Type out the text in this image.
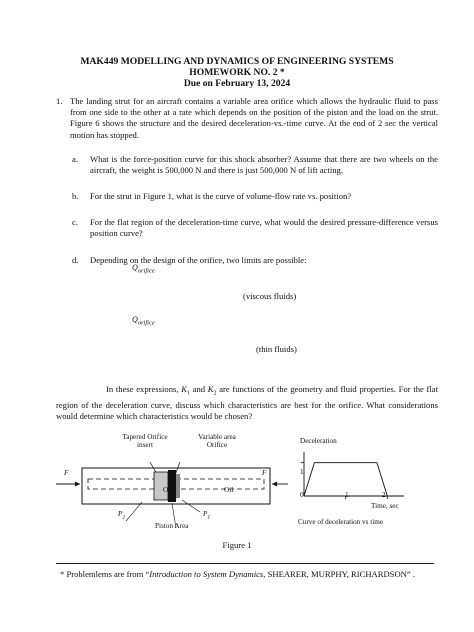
MAK449 MODELLING AND DYNAMICS OF ENGINEERING SYSTEMS
HOMEWORK NO. 2 *
Due on February 13, 2024
1. The landing strut for an aircraft contains a variable area orifice which allows the hydraulic fluid to pass from one side to the other at a rate which depends on the position of the piston and the load on the strut. Figure 6 shows the structure and the desired deceleration-vs.-time curve. At the end of 2 sec the vertical motion has stopped.
a. What is the force-position curve for this shock absorber? Assume that there are two wheels on the aircraft, the weight is 500,000 N and there is just 500,000 N of lift acting.
b. For the strut in Figure 1, what is the curve of volume-flow rate vs. position?
c. For the flat region of the deceleration-time curve, what would the desired pressure-difference versus position curve?
d. Depending on the design of the orifice, two limits are possible:
$Q_{orifice}$
(viscous fluids)
$Q_{orifice}$
(thin fluids)
In these expressions, $K_1$ and $K_2$ are functions of the geometry and fluid properties. For the flat region of the deceleration curve, discuss which characteristics are best for the orifice. What considerations would determine which characteristics would be chosen?
Tapered Orifice
insert
Variable area
Orifice
F	F
Oil	Oil
$P_2$	$P_1$
Piston Area
Deceleration
1
0	1	2
Time, sec
Curve of deceleration vs time
Figure 1
* Problemlems are from “Introduction to System Dynamics, SHEARER, MURPHY, RICHARDSON” .
